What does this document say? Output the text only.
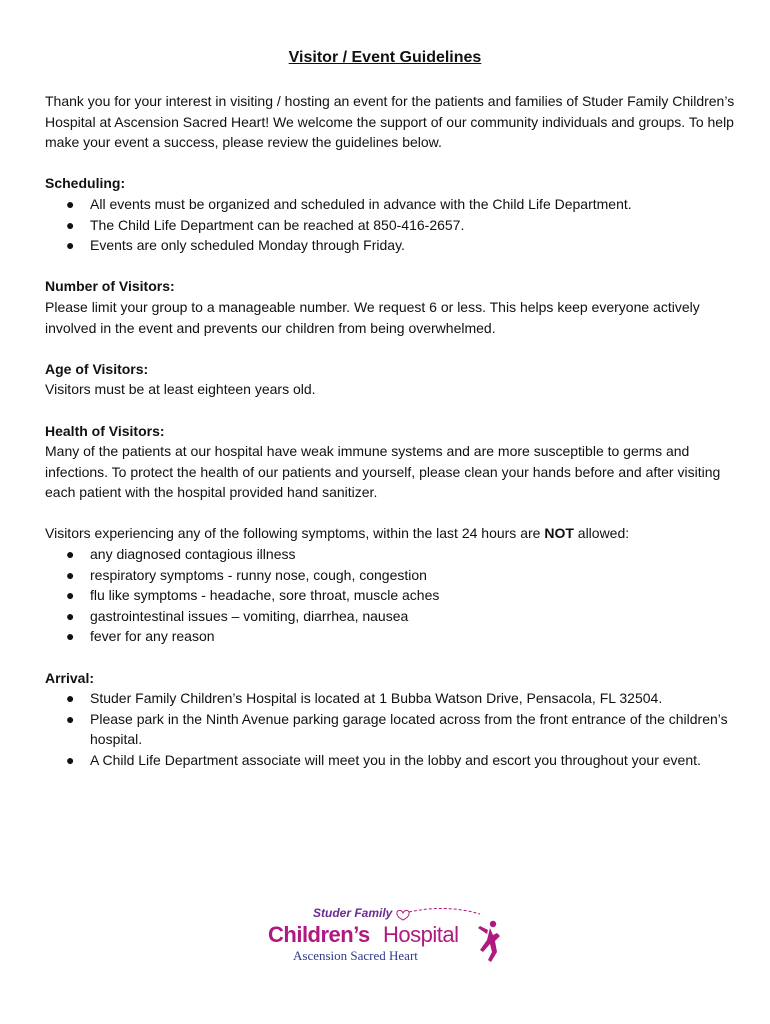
Visitor / Event Guidelines

Thank you for your interest in visiting / hosting an event for the patients and families of Studer Family Children’s Hospital at Ascension Sacred Heart! We welcome the support of our community individuals and groups. To help make your event a success, please review the guidelines below.

Scheduling:

● All events must be organized and scheduled in advance with the Child Life Department.
● The Child Life Department can be reached at 850-416-2657.
● Events are only scheduled Monday through Friday.

Number of Visitors:

Please limit your group to a manageable number. We request 6 or less. This helps keep everyone actively involved in the event and prevents our children from being overwhelmed.

Age of Visitors:

Visitors must be at least eighteen years old.

Health of Visitors:

Many of the patients at our hospital have weak immune systems and are more susceptible to germs and infections. To protect the health of our patients and yourself, please clean your hands before and after visiting each patient with the hospital provided hand sanitizer.

Visitors experiencing any of the following symptoms, within the last 24 hours are NOT allowed:

● any diagnosed contagious illness
● respiratory symptoms - runny nose, cough, congestion
● flu like symptoms - headache, sore throat, muscle aches
● gastrointestinal issues – vomiting, diarrhea, nausea
● fever for any reason

Arrival:

● Studer Family Children’s Hospital is located at 1 Bubba Watson Drive, Pensacola, FL 32504.
● Please park in the Ninth Avenue parking garage located across from the front entrance of the children’s hospital.
● A Child Life Department associate will meet you in the lobby and escort you throughout your event.
Studer Family
Children’s Hospital
Ascension Sacred Heart
